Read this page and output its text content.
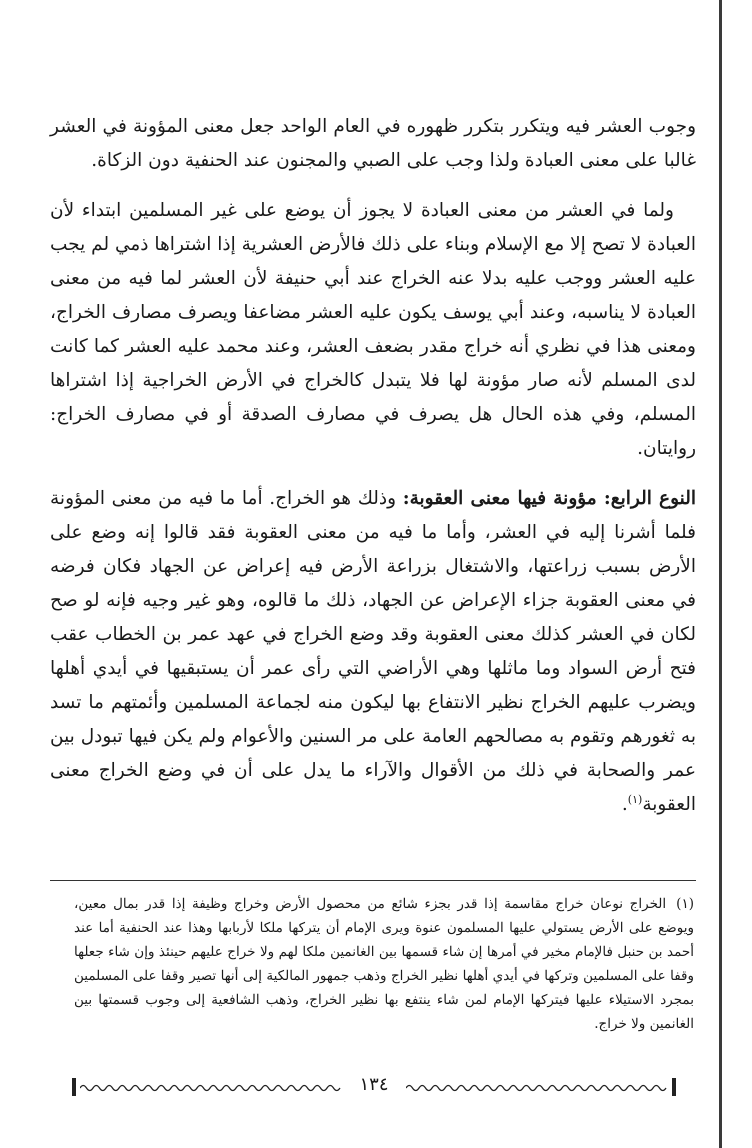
وجوب العشر فيه ويتكرر بتكرر ظهوره في العام الواحد جعل معنى المؤونة في العشر غالبا على معنى العبادة ولذا وجب على الصبي والمجنون عند الحنفية دون الزكاة.

ولما في العشر من معنى العبادة لا يجوز أن يوضع على غير المسلمين ابتداء لأن العبادة لا تصح إلا مع الإسلام وبناء على ذلك فالأرض العشرية إذا اشتراها ذمي لم يجب عليه العشر ووجب عليه بدلا عنه الخراج عند أبي حنيفة لأن العشر لما فيه من معنى العبادة لا يناسبه، وعند أبي يوسف يكون عليه العشر مضاعفا ويصرف مصارف الخراج، ومعنى هذا في نظري أنه خراج مقدر بضعف العشر، وعند محمد عليه العشر كما كانت لدى المسلم لأنه صار مؤونة لها فلا يتبدل كالخراج في الأرض الخراجية إذا اشتراها المسلم، وفي هذه الحال هل يصرف في مصارف الصدقة أو في مصارف الخراج: روايتان.

النوع الرابع: مؤونة فيها معنى العقوبة: وذلك هو الخراج. أما ما فيه من معنى المؤونة فلما أشرنا إليه في العشر، وأما ما فيه من معنى العقوبة فقد قالوا إنه وضع على الأرض بسبب زراعتها، والاشتغال بزراعة الأرض فيه إعراض عن الجهاد فكان فرضه في معنى العقوبة جزاء الإعراض عن الجهاد، ذلك ما قالوه، وهو غير وجيه فإنه لو صح لكان في العشر كذلك معنى العقوبة وقد وضع الخراج في عهد عمر بن الخطاب عقب فتح أرض السواد وما ماثلها وهي الأراضي التي رأى عمر أن يستبقيها في أيدي أهلها ويضرب عليهم الخراج نظير الانتفاع بها ليكون منه لجماعة المسلمين وأئمتهم ما تسد به ثغورهم وتقوم به مصالحهم العامة على مر السنين والأعوام ولم يكن فيها تبودل بين عمر والصحابة في ذلك من الأقوال والآراء ما يدل على أن في وضع الخراج معنى العقوبة$^{(١)}$.

(١)الخراج نوعان خراج مقاسمة إذا قدر بجزء شائع من محصول الأرض وخراج وظيفة إذا قدر بمال معين، ويوضع على الأرض يستولي عليها المسلمون عنوة ويرى الإمام أن يتركها ملكا لأربابها وهذا عند الحنفية أما عند أحمد بن حنبل فالإمام مخير في أمرها إن شاء قسمها بين الغانمين ملكا لهم ولا خراج عليهم حينئذ وإن شاء جعلها وقفا على المسلمين وتركها في أيدي أهلها نظير الخراج وذهب جمهور المالكية إلى أنها تصير وقفا على المسلمين بمجرد الاستيلاء عليها فيتركها الإمام لمن شاء ينتفع بها نظير الخراج، وذهب الشافعية إلى وجوب قسمتها بين الغانمين ولا خراج.
١٣٤
